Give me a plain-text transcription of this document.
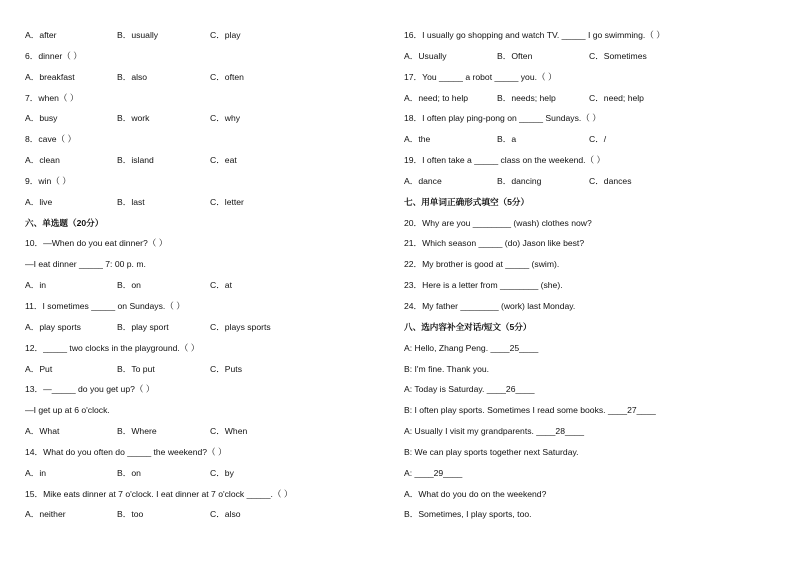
A．after	B．usually	C．play
6．dinner（ ）
A．breakfast	B．also	C．often
7．when（ ）
A．busy	B．work	C．why
8．cave（ ）
A．clean	B．island	C．eat
9．win（ ）
A．live	B．last	C．letter
六、单选题（20分）
10．—When do you eat dinner?（ ）
—I eat dinner _____ 7: 00 p. m.
A．in	B．on	C．at
11．I sometimes _____ on Sundays.（ ）
A．play sports	B．play sport	C．plays sports
12．_____ two clocks in the playground.（ ）
A．Put	B．To put	C．Puts
13．—_____ do you get up?（ ）
—I get up at 6 o'clock.
A．What	B．Where	C．When
14．What do you often do _____ the weekend?（ ）
A．in	B．on	C．by
15．Mike eats dinner at 7 o'clock. I eat dinner at 7 o'clock _____.（ ）
A．neither	B．too	C．also
16．I usually go shopping and watch TV. _____ I go swimming.（ ）
A．Usually	B．Often	C．Sometimes
17．You _____ a robot _____ you.（ ）
A．need; to help	B．needs; help	C．need; help
18．I often play ping-pong on _____ Sundays.（ ）
A．the	B．a	C．/
19．I often take a _____ class on the weekend.（ ）
A．dance	B．dancing	C．dances
七、用单词正确形式填空（5分）
20．Why are you ________ (wash) clothes now?
21．Which season _____ (do) Jason like best?
22．My brother is good at _____ (swim).
23．Here is a letter from ________ (she).
24．My father ________ (work) last Monday.
八、选内容补全对话/短文（5分）
A: Hello, Zhang Peng. ____25____
B: I'm fine. Thank you.
A: Today is Saturday. ____26____
B: I often play sports. Sometimes I read some books. ____27____
A: Usually I visit my grandparents. ____28____
B: We can play sports together next Saturday.
A: ____29____
A．What do you do on the weekend?
B．Sometimes, I play sports, too.
